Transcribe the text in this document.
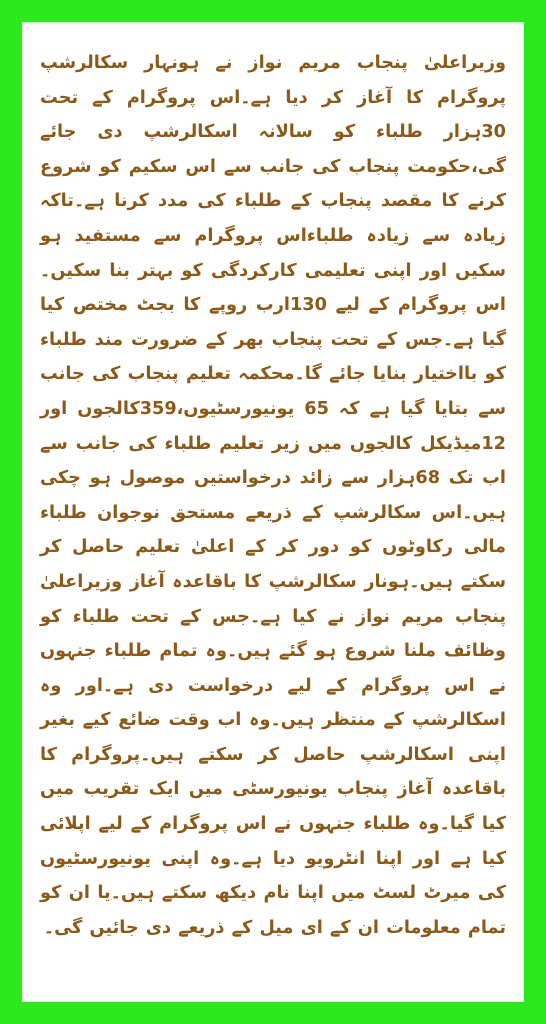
وزیراعلیٰ پنجاب مریم نواز نے ہونہار سکالرشپ پروگرام کا آغاز کر دیا ہے۔اس پروگرام کے تحت 30ہزار طلباء کو سالانہ اسکالرشپ دی جائے گی،حکومت پنجاب کی جانب سے اس سکیم کو شروع کرنے کا مقصد پنجاب کے طلباء کی مدد کرنا ہے۔تاکہ زیادہ سے زیادہ طلباءاس پروگرام سے مستفید ہو سکیں اور اپنی تعلیمی کارکردگی کو بہتر بنا سکیں۔اس پروگرام کے لیے 130ارب روپے کا بجٹ مختص کیا گیا ہے۔جس کے تحت پنجاب بھر کے ضرورت مند طلباء کو بااختیار بنایا جائے گا۔محکمہ تعلیم پنجاب کی جانب سے بتایا گیا ہے کہ 65 یونیورسٹیوں،359کالجوں اور 12میڈیکل کالجوں میں زیر تعلیم طلباء کی جانب سے اب تک 68ہزار سے زائد درخواستیں موصول ہو چکی ہیں۔اس سکالرشپ کے ذریعے مستحق نوجوان طلباء مالی رکاوٹوں کو دور کر کے اعلیٰ تعلیم حاصل کر سکتے ہیں۔ہونار سکالرشپ کا باقاعدہ آغاز وزیراعلیٰ پنجاب مریم نواز نے کیا ہے۔جس کے تحت طلباء کو وظائف ملنا شروع ہو گئے ہیں۔وہ تمام طلباء جنہوں نے اس پروگرام کے لیے درخواست دی ہے۔اور وہ اسکالرشپ کے منتظر ہیں۔وہ اب وقت ضائع کیے بغیر اپنی اسکالرشپ حاصل کر سکتے ہیں۔پروگرام کا باقاعدہ آغاز پنجاب یونیورسٹی میں ایک تقریب میں کیا گیا۔وہ طلباء جنہوں نے اس پروگرام کے لیے اپلائی کیا ہے اور اپنا انٹرویو دیا ہے۔وہ اپنی یونیورسٹیوں کی میرٹ لسٹ میں اپنا نام دیکھ سکتے ہیں۔یا ان کو تمام معلومات ان کے ای میل کے ذریعے دی جائیں گی۔
